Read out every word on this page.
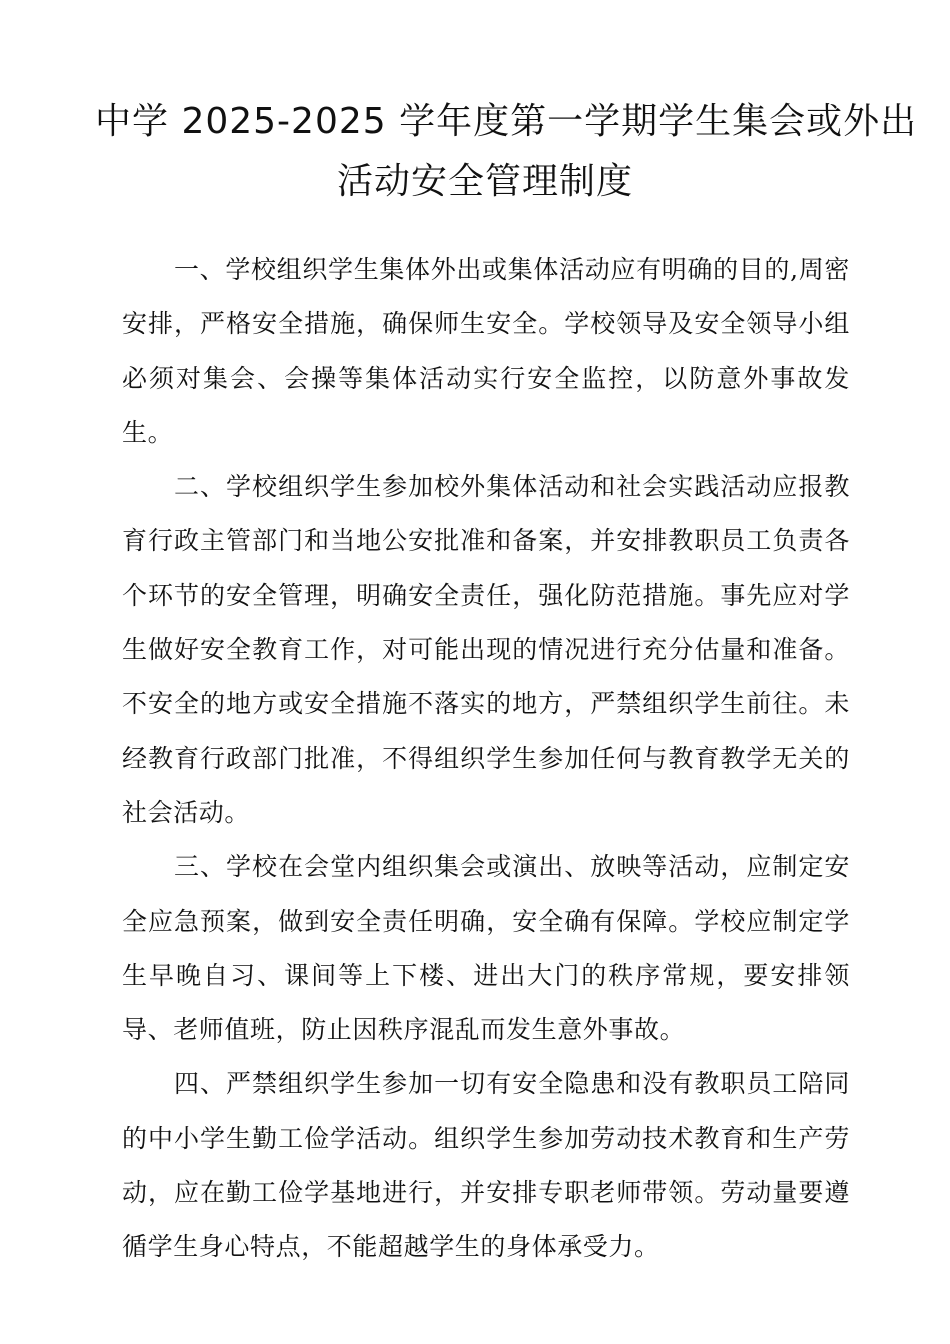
中学 2025-2025 学年度第一学期学生集会或外出
活动安全管理制度

一、学校组织学生集体外出或集体活动应有明确的目的,周密安排，严格安全措施，确保师生安全。学校领导及安全领导小组必须对集会、会操等集体活动实行安全监控，以防意外事故发生。

二、学校组织学生参加校外集体活动和社会实践活动应报教育行政主管部门和当地公安批准和备案，并安排教职员工负责各个环节的安全管理，明确安全责任，强化防范措施。事先应对学生做好安全教育工作，对可能出现的情况进行充分估量和准备。不安全的地方或安全措施不落实的地方，严禁组织学生前往。未经教育行政部门批准，不得组织学生参加任何与教育教学无关的社会活动。

三、学校在会堂内组织集会或演出、放映等活动，应制定安全应急预案，做到安全责任明确，安全确有保障。学校应制定学生早晚自习、课间等上下楼、进出大门的秩序常规，要安排领导、老师值班，防止因秩序混乱而发生意外事故。

四、严禁组织学生参加一切有安全隐患和没有教职员工陪同的中小学生勤工俭学活动。组织学生参加劳动技术教育和生产劳动，应在勤工俭学基地进行，并安排专职老师带领。劳动量要遵循学生身心特点，不能超越学生的身体承受力。
